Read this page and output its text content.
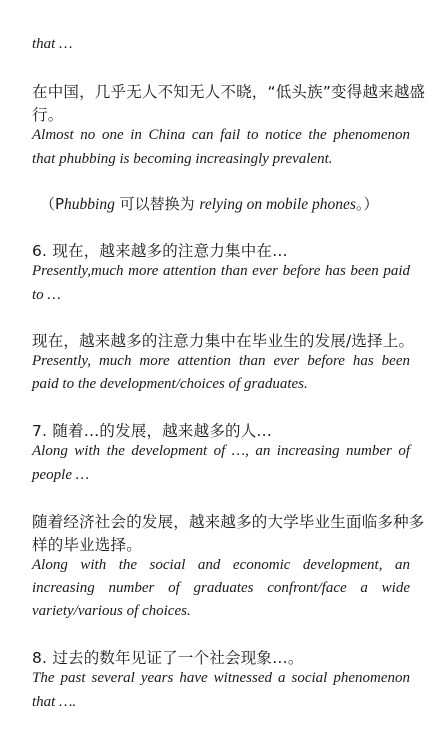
that …
在中国，几乎无人不知无人不晓，“低头族”变得越来越盛
行。
Almost no one in China can fail to notice the phenomenon
that phubbing is becoming increasingly prevalent.
（Phubbing 可以替换为 relying on mobile phones。）
6. 现在，越来越多的注意力集中在…
Presently,much more attention than ever before has been paid
to …
现在，越来越多的注意力集中在毕业生的发展/选择上。
Presently, much more attention than ever before has been
paid to the development/choices of graduates.
7. 随着…的发展，越来越多的人…
Along with the development of …, an increasing number of
people …
随着经济社会的发展，越来越多的大学毕业生面临多种多
样的毕业选择。
Along with the social and economic development, an
increasing number of graduates confront/face a wide
variety/various of choices.
8. 过去的数年见证了一个社会现象…。
The past several years have witnessed a social phenomenon
that ….
